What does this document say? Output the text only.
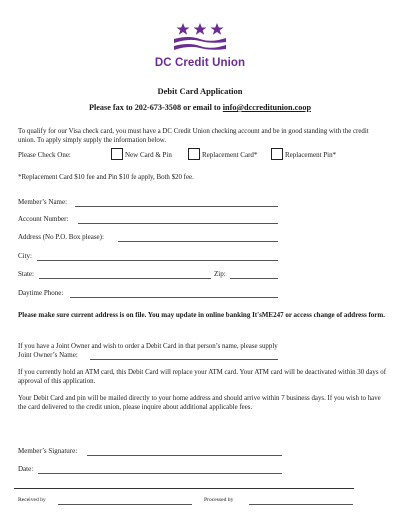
DC Credit Union
Debit Card Application
Please fax to 202-673-3508 or email to info@dccreditunion.coop
To qualify for our Visa check card, you must have a DC Credit Union checking account and be in good standing with the credit union. To apply simply supply the information below.
Please Check One:	New Card & Pin	Replacement Card*	Replacement Pin*
*Replacement Card $10 fee and Pin $10 fe apply, Both $20 fee.
Member’s Name:
Account Number:
Address (No P.O. Box please):
City:
State:	Zip:
Daytime Phone:
Please make sure current address is on file. You may update in online banking It'sME247 or access change of address form.
If you have a Joint Owner and wish to order a Debit Card in that person’s name, please supply
Joint Owner’s Name:
If you currently hold an ATM card, this Debit Card will replace your ATM card. Your ATM card will be deactivated within 30 days of approval of this application.
Your Debit Card and pin will be mailed directly to your home address and should arrive within 7 business days. If you wish to have the card delivered to the credit union, please inquire about additional applicable fees.
Member’s Signature:
Date:
Received by	Processed by
